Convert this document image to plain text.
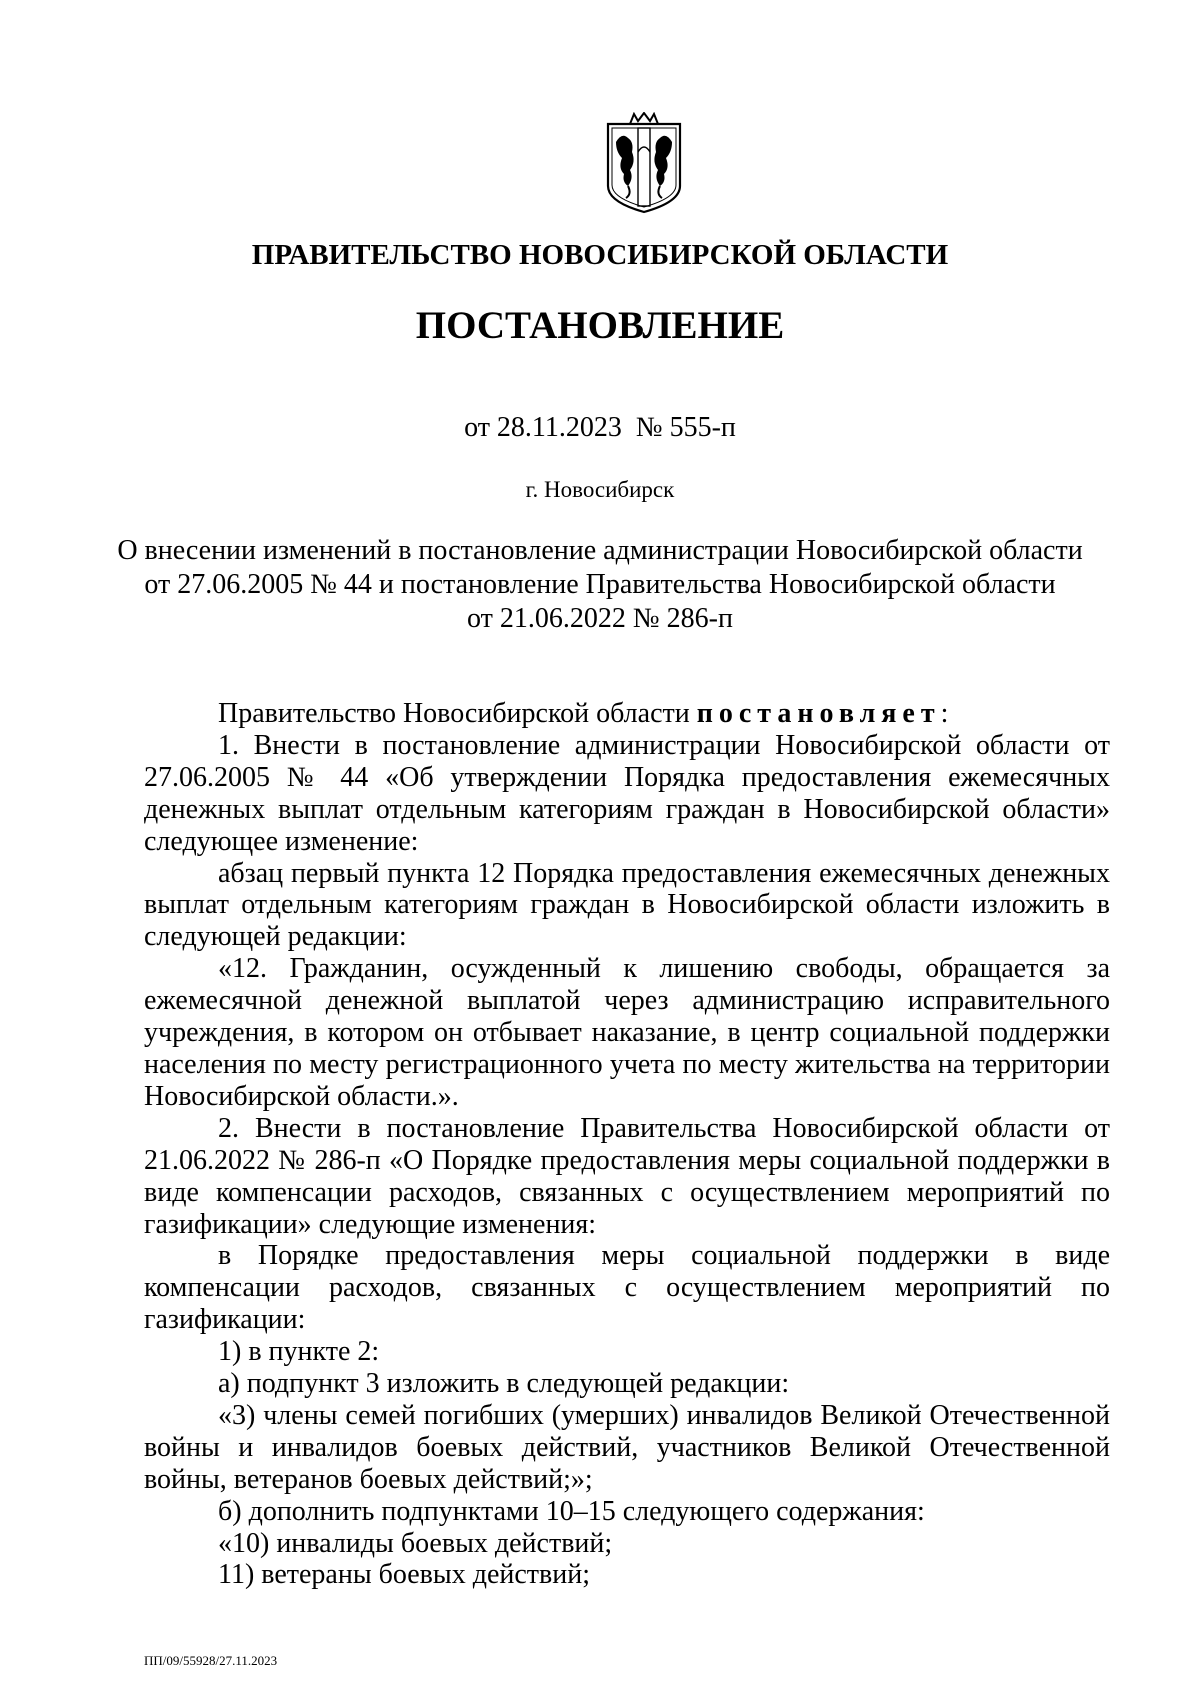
ПРАВИТЕЛЬСТВО НОВОСИБИРСКОЙ ОБЛАСТИ
ПОСТАНОВЛЕНИЕ
от 28.11.2023  № 555-п
г. Новосибирск
О внесении изменений в постановление администрации Новосибирской области
от 27.06.2005 № 44 и постановление Правительства Новосибирской области
от 21.06.2022 № 286-п

Правительство Новосибирской области постановляет:

1. Внести в постановление администрации Новосибирской области от 27.06.2005 № 44 «Об утверждении Порядка предоставления ежемесячных денежных выплат отдельным категориям граждан в Новосибирской области» следующее изменение:

абзац первый пункта 12 Порядка предоставления ежемесячных денежных выплат отдельным категориям граждан в Новосибирской области изложить в следующей редакции:

«12. Гражданин, осужденный к лишению свободы, обращается за ежемесячной денежной выплатой через администрацию исправительного учреждения, в котором он отбывает наказание, в центр социальной поддержки населения по месту регистрационного учета по месту жительства на территории Новосибирской области.».

2. Внести в постановление Правительства Новосибирской области от 21.06.2022 № 286-п «О Порядке предоставления меры социальной поддержки в виде компенсации расходов, связанных с осуществлением мероприятий по газификации» следующие изменения:

в Порядке предоставления меры социальной поддержки в виде компенсации расходов, связанных с осуществлением мероприятий по газификации:

1) в пункте 2:

а) подпункт 3 изложить в следующей редакции:

«3) члены семей погибших (умерших) инвалидов Великой Отечественной войны и инвалидов боевых действий, участников Великой Отечественной войны, ветеранов боевых действий;»;

б) дополнить подпунктами 10–15 следующего содержания:

«10) инвалиды боевых действий;

11) ветераны боевых действий;

ПП/09/55928/27.11.2023
